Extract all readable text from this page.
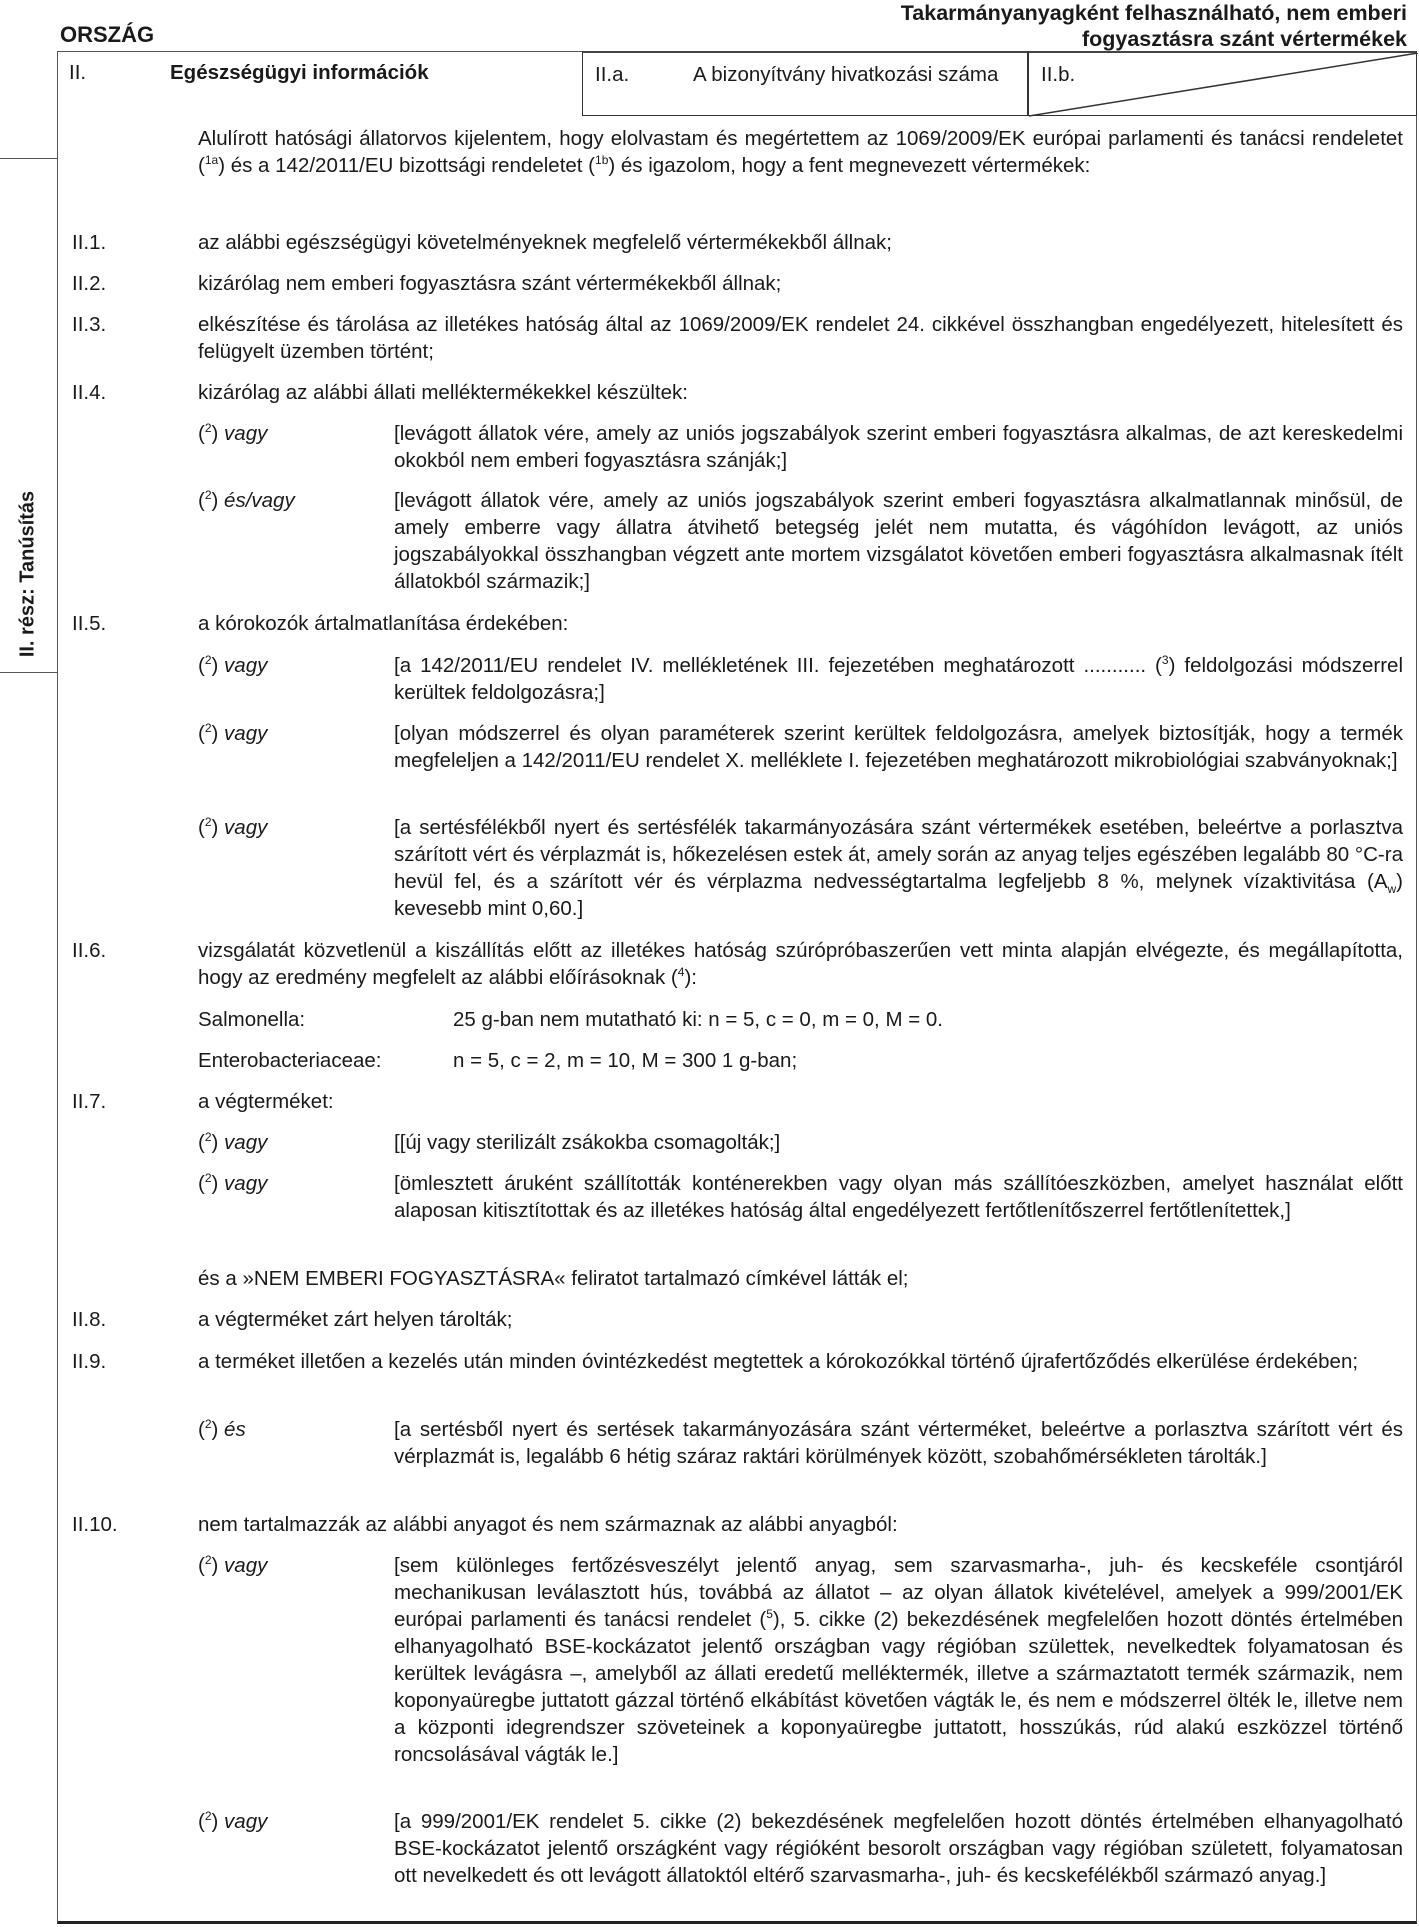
ORSZÁG
Takarmányanyagként felhasználható, nem emberi fogyasztásra szánt vértermékek
II.	Egészségügyi információk	II.a.	A bizonyítvány hivatkozási száma	II.b.
II. rész: Tanúsítás
Alulírott hatósági állatorvos kijelentem, hogy elolvastam és megértettem az 1069/2009/EK európai parlamenti és tanácsi rendeletet ($^{1a}$) és a 142/2011/EU bizottsági rendeletet ($^{1b}$) és igazolom, hogy a fent megnevezett vértermékek:
II.1.	az alábbi egészségügyi követelményeknek megfelelő vértermékekből állnak;
II.2.	kizárólag nem emberi fogyasztásra szánt vértermékekből állnak;
II.3.	elkészítése és tárolása az illetékes hatóság által az 1069/2009/EK rendelet 24. cikkével összhangban engedélyezett, hitelesített és felügyelt üzemben történt;
II.4.	kizárólag az alábbi állati melléktermékekkel készültek:
($^2$) vagy	[levágott állatok vére, amely az uniós jogszabályok szerint emberi fogyasztásra alkalmas, de azt kereskedelmi okokból nem emberi fogyasztásra szánják;]
($^2$) és/vagy	[levágott állatok vére, amely az uniós jogszabályok szerint emberi fogyasztásra alkalmatlannak minősül, de amely emberre vagy állatra átvihető betegség jelét nem mutatta, és vágóhídon levágott, az uniós jogszabályokkal összhangban végzett ante mortem vizsgálatot követően emberi fogyasztásra alkalmasnak ítélt állatokból származik;]
II.5.	a kórokozók ártalmatlanítása érdekében:
($^2$) vagy	[a 142/2011/EU rendelet IV. mellékletének III. fejezetében meghatározott ........... ($^3$) feldolgozási módszerrel kerültek feldolgozásra;]
($^2$) vagy	[olyan módszerrel és olyan paraméterek szerint kerültek feldolgozásra, amelyek biztosítják, hogy a termék megfeleljen a 142/2011/EU rendelet X. melléklete I. fejezetében meghatározott mikrobiológiai szabványoknak;]
($^2$) vagy	[a sertésfélékből nyert és sertésfélék takarmányozására szánt vértermékek esetében, beleértve a porlasztva szárított vért és vérplazmát is, hőkezelésen estek át, amely során az anyag teljes egészében legalább 80 °C-ra hevül fel, és a szárított vér és vérplazma nedvességtartalma legfeljebb 8 %, melynek vízaktivitása $(A_w)$ kevesebb mint 0,60.]
II.6.	vizsgálatát közvetlenül a kiszállítás előtt az illetékes hatóság szúrópróbaszerűen vett minta alapján elvégezte, és megállapította, hogy az eredmény megfelelt az alábbi előírásoknak ($^4$):
Salmonella:	25 g-ban nem mutatható ki: n = 5, c = 0, m = 0, M = 0.
Enterobacteriaceae:	n = 5, c = 2, m = 10, M = 300 1 g-ban;
II.7.	a végterméket:
($^2$) vagy	[[új vagy sterilizált zsákokba csomagolták;]
($^2$) vagy	[ömlesztett áruként szállították konténerekben vagy olyan más szállítóeszközben, amelyet használat előtt alaposan kitisztítottak és az illetékes hatóság által engedélyezett fertőtlenítőszerrel fertőtlenítettek,]
és a »NEM EMBERI FOGYASZTÁSRA« feliratot tartalmazó címkével látták el;
II.8.	a végterméket zárt helyen tárolták;
II.9.	a terméket illetően a kezelés után minden óvintézkedést megtettek a kórokozókkal történő újrafertőződés elkerülése érdekében;
($^2$) és	[a sertésből nyert és sertések takarmányozására szánt vérterméket, beleértve a porlasztva szárított vért és vérplazmát is, legalább 6 hétig száraz raktári körülmények között, szobahőmérsékleten tárolták.]
II.10.	nem tartalmazzák az alábbi anyagot és nem származnak az alábbi anyagból:
($^2$) vagy	[sem különleges fertőzésveszélyt jelentő anyag, sem szarvasmarha-, juh- és kecskeféle csontjáról mechanikusan leválasztott hús, továbbá az állatot – az olyan állatok kivételével, amelyek a 999/2001/EK európai parlamenti és tanácsi rendelet ($^5$), 5. cikke (2) bekezdésének megfelelően hozott döntés értelmében elhanyagolható BSE-kockázatot jelentő országban vagy régióban születtek, nevelkedtek folyamatosan és kerültek levágásra –, amelyből az állati eredetű melléktermék, illetve a származtatott termék származik, nem koponyaüregbe juttatott gázzal történő elkábítást követően vágták le, és nem e módszerrel ölték le, illetve nem a központi idegrendszer szöveteinek a koponyaüregbe juttatott, hosszúkás, rúd alakú eszközzel történő roncsolásával vágták le.]
($^2$) vagy	[a 999/2001/EK rendelet 5. cikke (2) bekezdésének megfelelően hozott döntés értelmében elhanyagolható BSE-kockázatot jelentő országként vagy régióként besorolt országban vagy régióban született, folyamatosan ott nevelkedett és ott levágott állatoktól eltérő szarvasmarha-, juh- és kecskefélékből származó anyag.]
